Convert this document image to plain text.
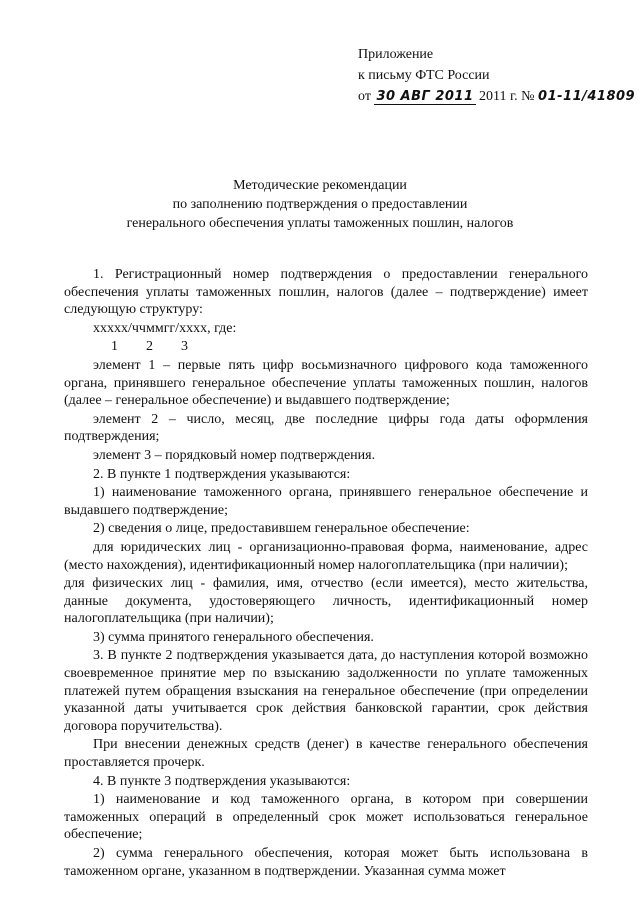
Приложение
к письму ФТС России
от 30 АВГ 2011 2011 г. № 01-11/41809
Методические рекомендации
по заполнению подтверждения о предоставлении
генерального обеспечения уплаты таможенных пошлин, налогов

1. Регистрационный номер подтверждения о предоставлении генерального обеспечения уплаты таможенных пошлин, налогов (далее – подтверждение) имеет следующую структуру:

xxxxx/ччммгг/xxxx, где:

1        2        3

элемент 1 – первые пять цифр восьмизначного цифрового кода таможенного органа, принявшего генеральное обеспечение уплаты таможенных пошлин, налогов (далее – генеральное обеспечение) и выдавшего подтверждение;

элемент 2 – число, месяц, две последние цифры года даты оформления подтверждения;

элемент 3 – порядковый номер подтверждения.

2. В пункте 1 подтверждения указываются:

1) наименование таможенного органа, принявшего генеральное обеспечение и выдавшего подтверждение;

2) сведения о лице, предоставившем генеральное обеспечение:

для юридических лиц - организационно-правовая форма, наименование, адрес (место нахождения), идентификационный номер налогоплательщика (при наличии);

для физических лиц - фамилия, имя, отчество (если имеется), место жительства, данные документа, удостоверяющего личность, идентификационный номер налогоплательщика (при наличии);

3) сумма принятого генерального обеспечения.

3. В пункте 2 подтверждения указывается дата, до наступления которой возможно своевременное принятие мер по взысканию задолженности по уплате таможенных платежей путем обращения взыскания на генеральное обеспечение (при определении указанной даты учитывается срок действия банковской гарантии, срок действия договора поручительства).

При внесении денежных средств (денег) в качестве генерального обеспечения проставляется прочерк.

4. В пункте 3 подтверждения указываются:

1) наименование и код таможенного органа, в котором при совершении таможенных операций в определенный срок может использоваться генеральное обеспечение;

2) сумма генерального обеспечения, которая может быть использована в таможенном органе, указанном в подтверждении. Указанная сумма может
